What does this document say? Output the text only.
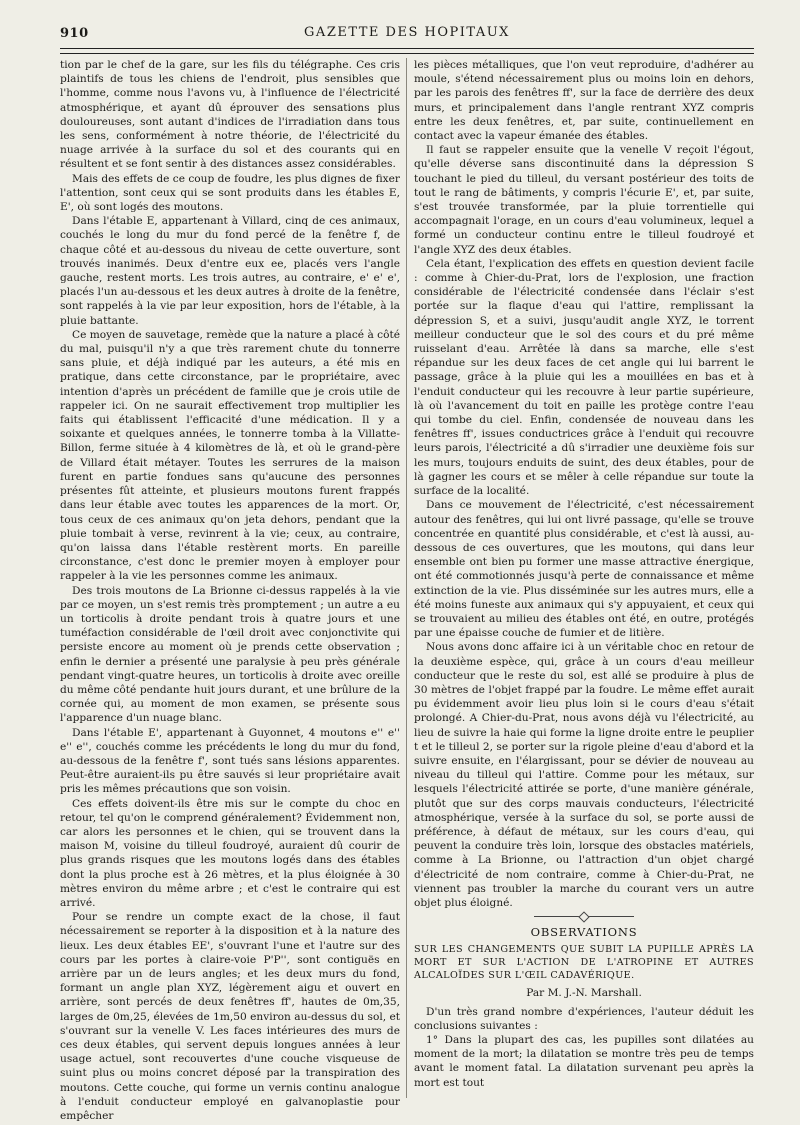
910	GAZETTE DES HOPITAUX

tion par le chef de la gare, sur les fils du télégraphe. Ces cris plaintifs de tous les chiens de l'endroit, plus sensibles que l'homme, comme nous l'avons vu, à l'influence de l'électricité atmosphérique, et ayant dû éprouver des sensations plus douloureuses, sont autant d'indices de l'irradiation dans tous les sens, conformément à notre théorie, de l'électricité du nuage arrivée à la surface du sol et des courants qui en résultent et se font sentir à des distances assez considérables.

Mais des effets de ce coup de foudre, les plus dignes de fixer l'attention, sont ceux qui se sont produits dans les étables E, E', où sont logés des moutons.

Dans l'étable E, appartenant à Villard, cinq de ces animaux, couchés le long du mur du fond percé de la fenêtre f, de chaque côté et au-dessous du niveau de cette ouverture, sont trouvés inanimés. Deux d'entre eux ee, placés vers l'angle gauche, restent morts. Les trois autres, au contraire, e' e' e', placés l'un au-dessous et les deux autres à droite de la fenêtre, sont rappelés à la vie par leur exposition, hors de l'étable, à la pluie battante.

Ce moyen de sauvetage, remède que la nature a placé à côté du mal, puisqu'il n'y a que très rarement chute du tonnerre sans pluie, et déjà indiqué par les auteurs, a été mis en pratique, dans cette circonstance, par le propriétaire, avec intention d'après un précédent de famille que je crois utile de rappeler ici. On ne saurait effectivement trop multiplier les faits qui établissent l'efficacité d'une médication. Il y a soixante et quelques années, le tonnerre tomba à la Villatte-Billon, ferme située à 4 kilomètres de là, et où le grand-père de Villard était métayer. Toutes les serrures de la maison furent en partie fondues sans qu'aucune des personnes présentes fût atteinte, et plusieurs moutons furent frappés dans leur étable avec toutes les apparences de la mort. Or, tous ceux de ces animaux qu'on jeta dehors, pendant que la pluie tombait à verse, revinrent à la vie; ceux, au contraire, qu'on laissa dans l'étable restèrent morts. En pareille circonstance, c'est donc le premier moyen à employer pour rappeler à la vie les personnes comme les animaux.

Des trois moutons de La Brionne ci-dessus rappelés à la vie par ce moyen, un s'est remis très promptement ; un autre a eu un torticolis à droite pendant trois à quatre jours et une tuméfaction considérable de l'œil droit avec conjonctivite qui persiste encore au moment où je prends cette observation ; enfin le dernier a présenté une paralysie à peu près générale pendant vingt-quatre heures, un torticolis à droite avec oreille du même côté pendante huit jours durant, et une brûlure de la cornée qui, au moment de mon examen, se présente sous l'apparence d'un nuage blanc.

Dans l'étable E', appartenant à Guyonnet, 4 moutons e'' e'' e'' e'', couchés comme les précédents le long du mur du fond, au-dessous de la fenêtre f', sont tués sans lésions apparentes. Peut-être auraient-ils pu être sauvés si leur propriétaire avait pris les mêmes précautions que son voisin.

Ces effets doivent-ils être mis sur le compte du choc en retour, tel qu'on le comprend généralement? Évidemment non, car alors les personnes et le chien, qui se trouvent dans la maison M, voisine du tilleul foudroyé, auraient dû courir de plus grands risques que les moutons logés dans des étables dont la plus proche est à 26 mètres, et la plus éloignée à 30 mètres environ du même arbre ; et c'est le contraire qui est arrivé.

Pour se rendre un compte exact de la chose, il faut nécessairement se reporter à la disposition et à la nature des lieux. Les deux étables EE', s'ouvrant l'une et l'autre sur des cours par les portes à claire-voie P'P'', sont contiguës en arrière par un de leurs angles; et les deux murs du fond, formant un angle plan XYZ, légèrement aigu et ouvert en arrière, sont percés de deux fenêtres ff', hautes de 0m,35, larges de 0m,25, élevées de 1m,50 environ au-dessus du sol, et s'ouvrant sur la venelle V. Les faces intérieures des murs de ces deux étables, qui servent depuis longues années à leur usage actuel, sont recouvertes d'une couche visqueuse de suint plus ou moins concret déposé par la transpiration des moutons. Cette couche, qui forme un vernis continu analogue à l'enduit conducteur employé en galvanoplastie pour empêcher

les pièces métalliques, que l'on veut reproduire, d'adhérer au moule, s'étend nécessairement plus ou moins loin en dehors, par les parois des fenêtres ff', sur la face de derrière des deux murs, et principalement dans l'angle rentrant XYZ compris entre les deux fenêtres, et, par suite, continuellement en contact avec la vapeur émanée des étables.

Il faut se rappeler ensuite que la venelle V reçoit l'égout, qu'elle déverse sans discontinuité dans la dépression S touchant le pied du tilleul, du versant postérieur des toits de tout le rang de bâtiments, y compris l'écurie E', et, par suite, s'est trouvée transformée, par la pluie torrentielle qui accompagnait l'orage, en un cours d'eau volumineux, lequel a formé un conducteur continu entre le tilleul foudroyé et l'angle XYZ des deux étables.

Cela étant, l'explication des effets en question devient facile : comme à Chier-du-Prat, lors de l'explosion, une fraction considérable de l'électricité condensée dans l'éclair s'est portée sur la flaque d'eau qui l'attire, remplissant la dépression S, et a suivi, jusqu'audit angle XYZ, le torrent meilleur conducteur que le sol des cours et du pré même ruisselant d'eau. Arrêtée là dans sa marche, elle s'est répandue sur les deux faces de cet angle qui lui barrent le passage, grâce à la pluie qui les a mouillées en bas et à l'enduit conducteur qui les recouvre à leur partie supérieure, là où l'avancement du toit en paille les protège contre l'eau qui tombe du ciel. Enfin, condensée de nouveau dans les fenêtres ff', issues conductrices grâce à l'enduit qui recouvre leurs parois, l'électricité a dû s'irradier une deuxième fois sur les murs, toujours enduits de suint, des deux étables, pour de là gagner les cours et se mêler à celle répandue sur toute la surface de la localité.

Dans ce mouvement de l'électricité, c'est nécessairement autour des fenêtres, qui lui ont livré passage, qu'elle se trouve concentrée en quantité plus considérable, et c'est là aussi, au-dessous de ces ouvertures, que les moutons, qui dans leur ensemble ont bien pu former une masse attractive énergique, ont été commotionnés jusqu'à perte de connaissance et même extinction de la vie. Plus disséminée sur les autres murs, elle a été moins funeste aux animaux qui s'y appuyaient, et ceux qui se trouvaient au milieu des étables ont été, en outre, protégés par une épaisse couche de fumier et de litière.

Nous avons donc affaire ici à un véritable choc en retour de la deuxième espèce, qui, grâce à un cours d'eau meilleur conducteur que le reste du sol, est allé se produire à plus de 30 mètres de l'objet frappé par la foudre. Le même effet aurait pu évidemment avoir lieu plus loin si le cours d'eau s'était prolongé. A Chier-du-Prat, nous avons déjà vu l'électricité, au lieu de suivre la haie qui forme la ligne droite entre le peuplier t et le tilleul 2, se porter sur la rigole pleine d'eau d'abord et la suivre ensuite, en l'élargissant, pour se dévier de nouveau au niveau du tilleul qui l'attire. Comme pour les métaux, sur lesquels l'électricité attirée se porte, d'une manière générale, plutôt que sur des corps mauvais conducteurs, l'électricité atmosphérique, versée à la surface du sol, se porte aussi de préférence, à défaut de métaux, sur les cours d'eau, qui peuvent la conduire très loin, lorsque des obstacles matériels, comme à La Brionne, ou l'attraction d'un objet chargé d'électricité de nom contraire, comme à Chier-du-Prat, ne viennent pas troubler la marche du courant vers un autre objet plus éloigné.

OBSERVATIONS
SUR LES CHANGEMENTS QUE SUBIT LA PUPILLE APRÈS LA MORT ET SUR L'ACTION DE L'ATROPINE ET AUTRES ALCALOÏDES SUR L'ŒIL CADAVÉRIQUE.
Par M. J.-N. Marshall.

D'un très grand nombre d'expériences, l'auteur déduit les conclusions suivantes :

1° Dans la plupart des cas, les pupilles sont dilatées au moment de la mort; la dilatation se montre très peu de temps avant le moment fatal. La dilatation survenant peu après la mort est tout
